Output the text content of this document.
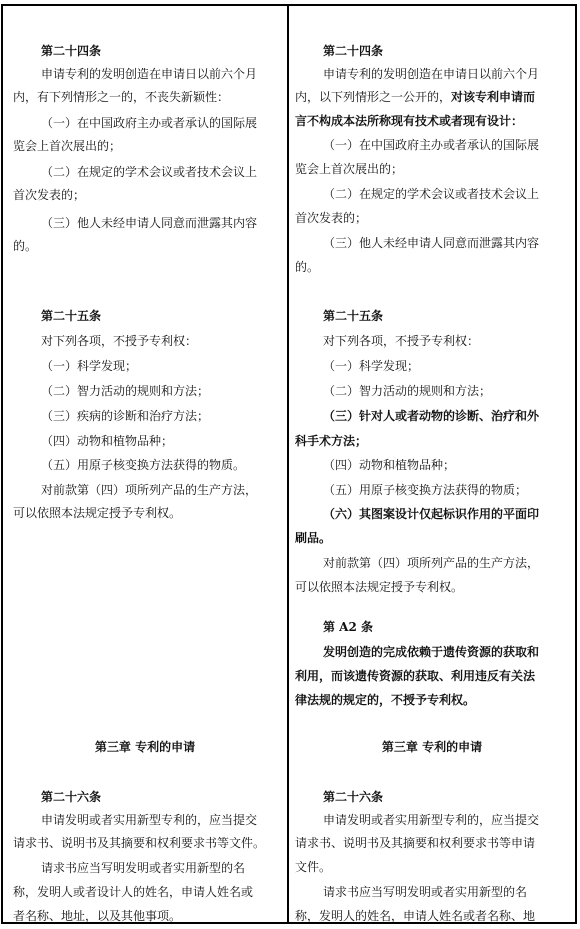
第二十四条
申请专利的发明创造在申请日以前六个月
内，有下列情形之一的，不丧失新颖性：
（一）在中国政府主办或者承认的国际展
览会上首次展出的；
（二）在规定的学术会议或者技术会议上
首次发表的；
（三）他人未经申请人同意而泄露其内容
的。
第二十五条
对下列各项，不授予专利权：
（一）科学发现；
（二）智力活动的规则和方法；
（三）疾病的诊断和治疗方法；
（四）动物和植物品种；
（五）用原子核变换方法获得的物质。
对前款第（四）项所列产品的生产方法，
可以依照本法规定授予专利权。
第三章 专利的申请
第二十六条
申请发明或者实用新型专利的，应当提交
请求书、说明书及其摘要和权利要求书等文件。
请求书应当写明发明或者实用新型的名
称，发明人或者设计人的姓名，申请人姓名或
者名称、地址，以及其他事项。
第二十四条
申请专利的发明创造在申请日以前六个月
内，以下列情形之一公开的，对该专利申请而
言不构成本法所称现有技术或者现有设计：
（一）在中国政府主办或者承认的国际展
览会上首次展出的；
（二）在规定的学术会议或者技术会议上
首次发表的；
（三）他人未经申请人同意而泄露其内容
的。
第二十五条
对下列各项，不授予专利权：
（一）科学发现；
（二）智力活动的规则和方法；
（三）针对人或者动物的诊断、治疗和外
科手术方法；
（四）动物和植物品种；
（五）用原子核变换方法获得的物质；
（六）其图案设计仅起标识作用的平面印
刷品。
对前款第（四）项所列产品的生产方法，
可以依照本法规定授予专利权。
第 A2 条
发明创造的完成依赖于遗传资源的获取和
利用，而该遗传资源的获取、利用违反有关法
律法规的规定的，不授予专利权。
第三章 专利的申请
第二十六条
申请发明或者实用新型专利的，应当提交
请求书、说明书及其摘要和权利要求书等申请
文件。
请求书应当写明发明或者实用新型的名
称，发明人的姓名，申请人姓名或者名称、地
